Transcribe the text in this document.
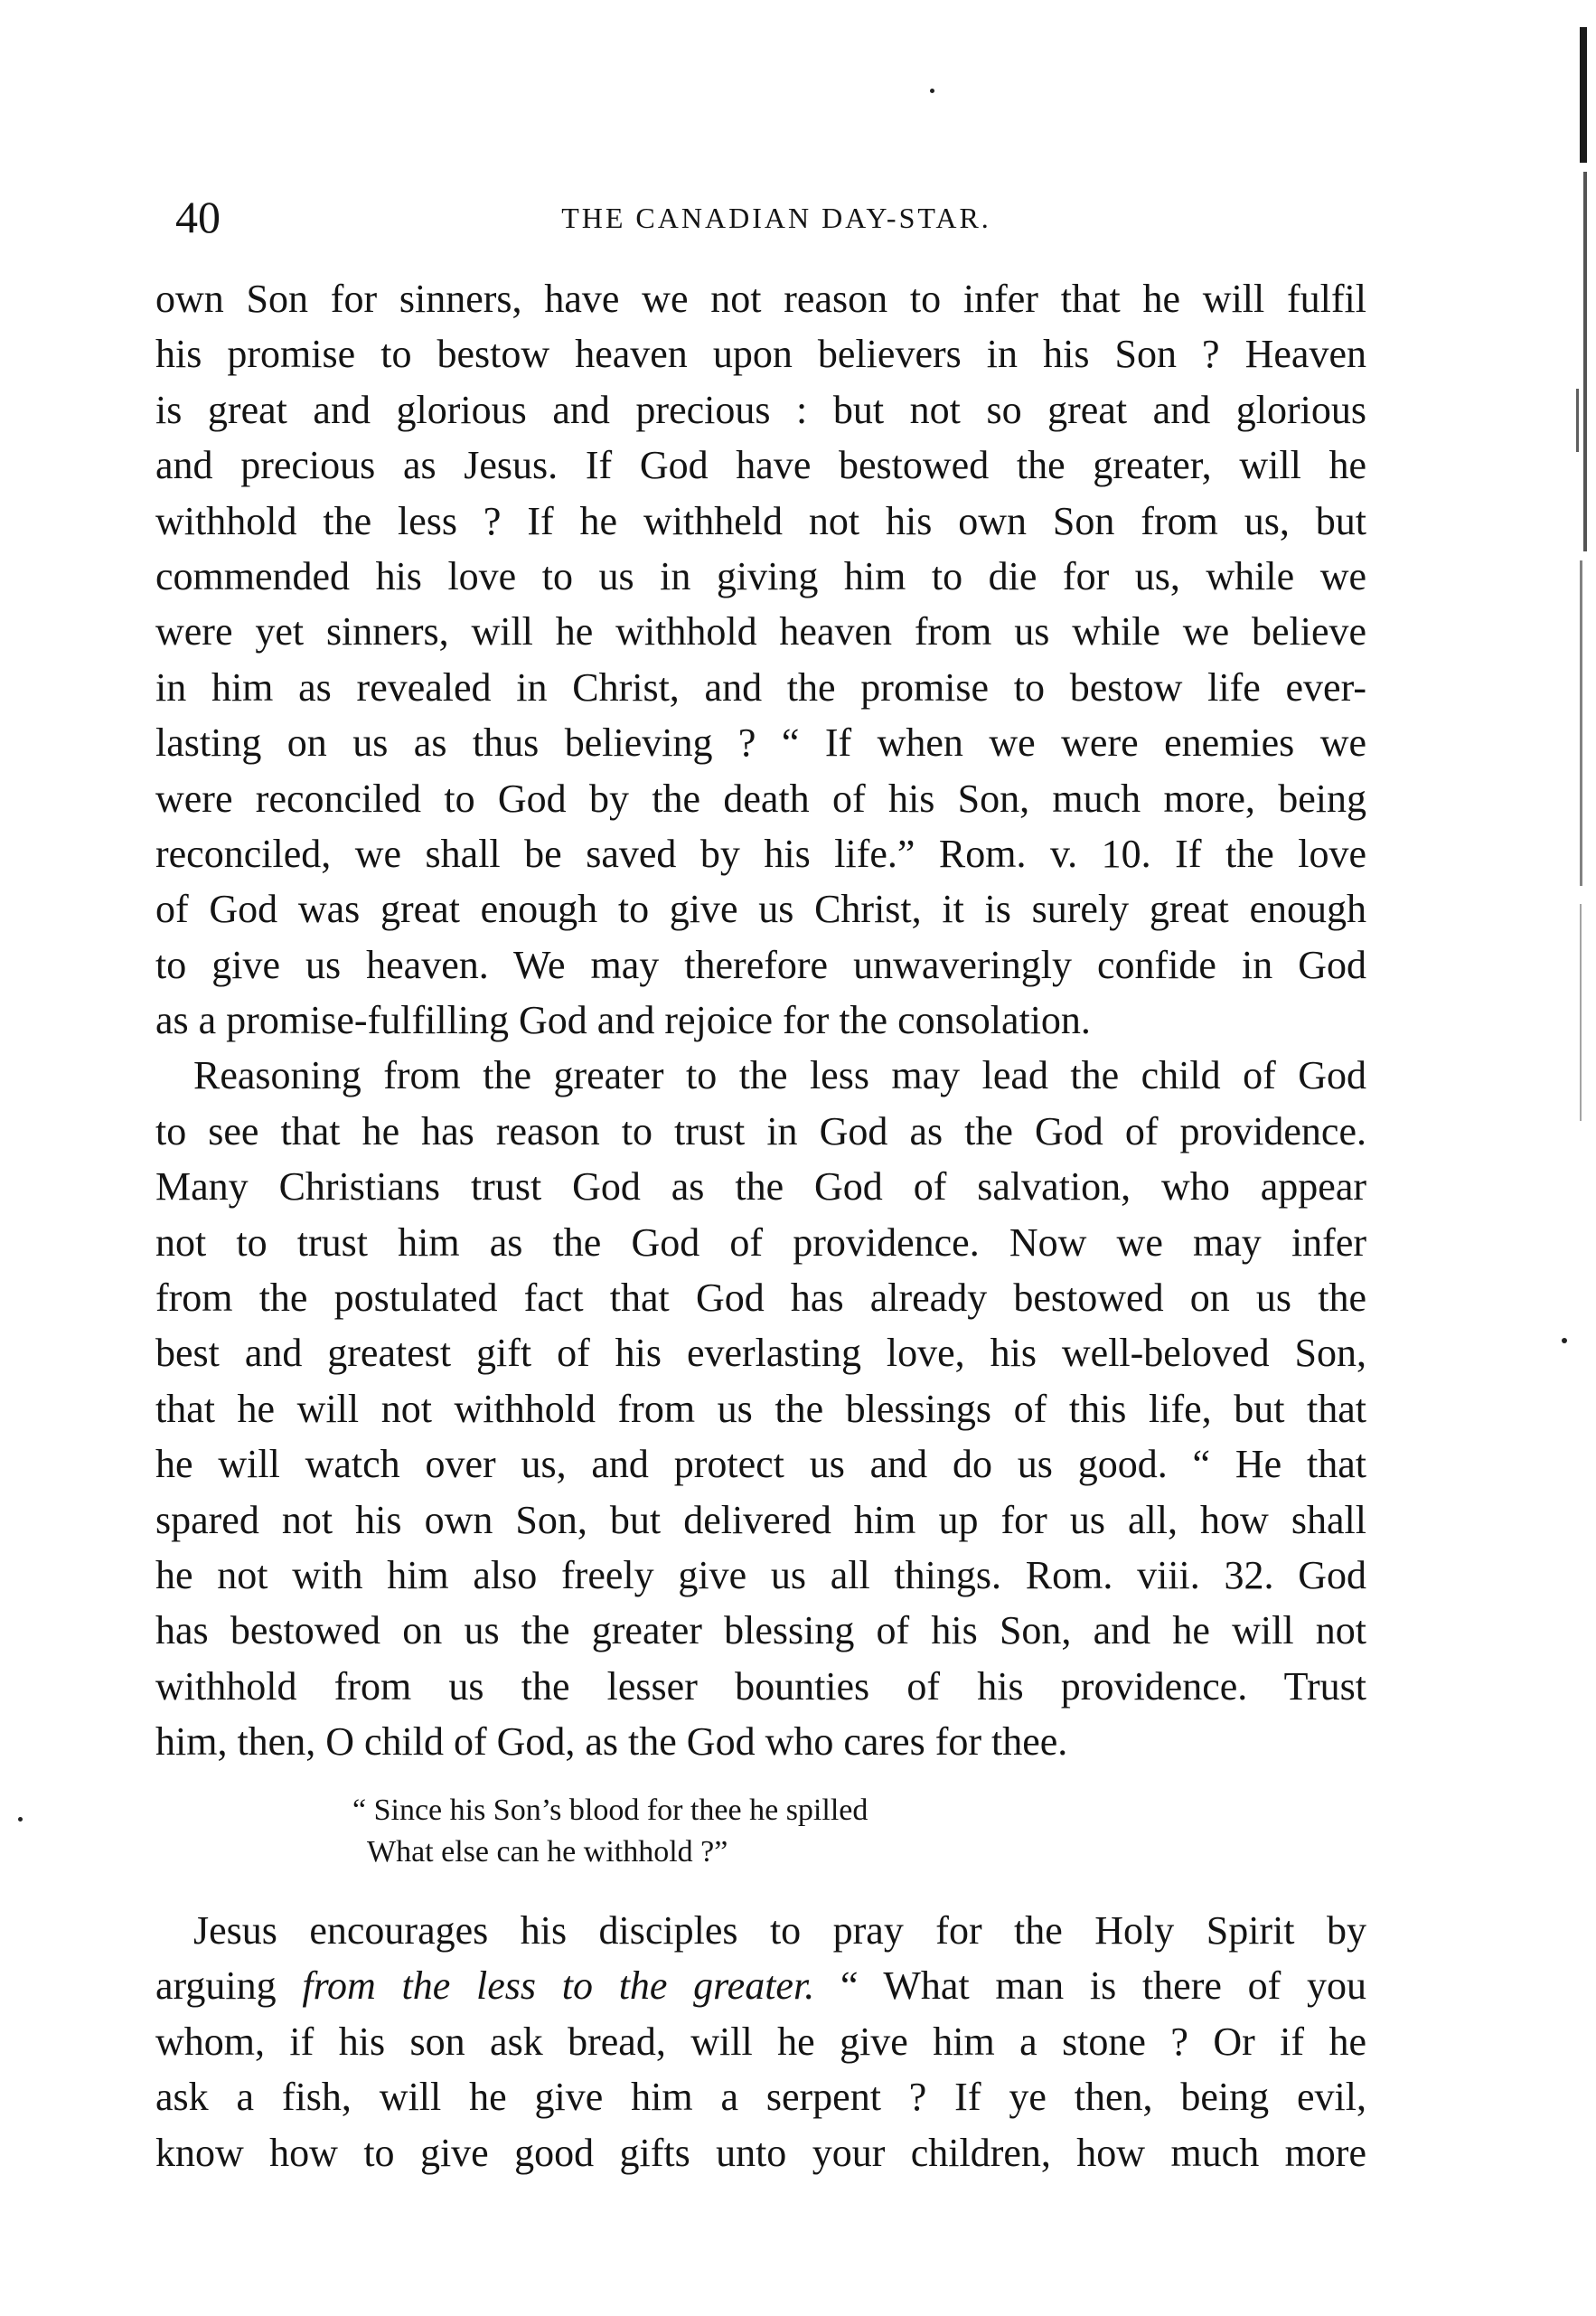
40	THE CANADIAN DAY-STAR.
own Son for sinners, have we not reason to infer that he will fulfil
his promise to bestow heaven upon believers in his Son ? Heaven
is great and glorious and precious : but not so great and glorious
and precious as Jesus. If God have bestowed the greater, will he
withhold the less ? If he withheld not his own Son from us, but
commended his love to us in giving him to die for us, while we
were yet sinners, will he withhold heaven from us while we believe
in him as revealed in Christ, and the promise to bestow life ever-
lasting on us as thus believing ? “ If when we were enemies we
were reconciled to God by the death of his Son, much more, being
reconciled, we shall be saved by his life.” Rom. v. 10. If the love
of God was great enough to give us Christ, it is surely great enough
to give us heaven. We may therefore unwaveringly confide in God
as a promise-fulfilling God and rejoice for the consolation.
Reasoning from the greater to the less may lead the child of God
to see that he has reason to trust in God as the God of providence.
Many Christians trust God as the God of salvation, who appear
not to trust him as the God of providence. Now we may infer
from the postulated fact that God has already bestowed on us the
best and greatest gift of his everlasting love, his well-beloved Son,
that he will not withhold from us the blessings of this life, but that
he will watch over us, and protect us and do us good. “ He that
spared not his own Son, but delivered him up for us all, how shall
he not with him also freely give us all things. Rom. viii. 32. God
has bestowed on us the greater blessing of his Son, and he will not
withhold from us the lesser bounties of his providence. Trust
him, then, O child of God, as the God who cares for thee.
“ Since his Son’s blood for thee he spilled
What else can he withhold ?”
Jesus encourages his disciples to pray for the Holy Spirit by
arguing from the less to the greater. “ What man is there of you
whom, if his son ask bread, will he give him a stone ? Or if he
ask a fish, will he give him a serpent ? If ye then, being evil,
know how to give good gifts unto your children, how much more
